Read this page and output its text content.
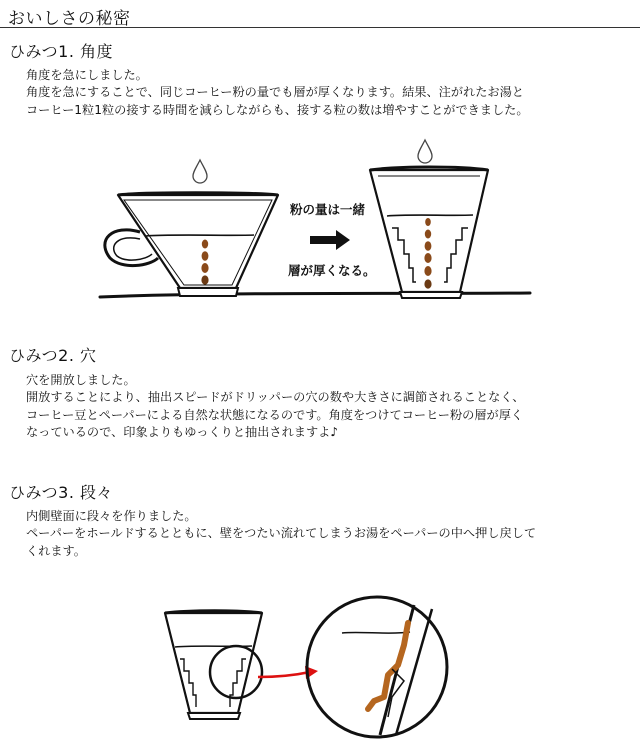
おいしさの秘密
ひみつ1. 角度
角度を急にしました。
角度を急にすることで、同じコーヒー粉の量でも層が厚くなります。結果、注がれたお湯と
コーヒー1粒1粒の接する時間を減らしながらも、接する粒の数は増やすことができました。
粉の量は一緒
層が厚くなる。
ひみつ2. 穴
穴を開放しました。
開放することにより、抽出スピードがドリッパーの穴の数や大きさに調節されることなく、
コーヒー豆とペーパーによる自然な状態になるのです。角度をつけてコーヒー粉の層が厚く
なっているので、印象よりもゆっくりと抽出されますよ♪
ひみつ3. 段々
内側壁面に段々を作りました。
ペーパーをホールドするとともに、壁をつたい流れてしまうお湯をペーパーの中へ押し戻して
くれます。
